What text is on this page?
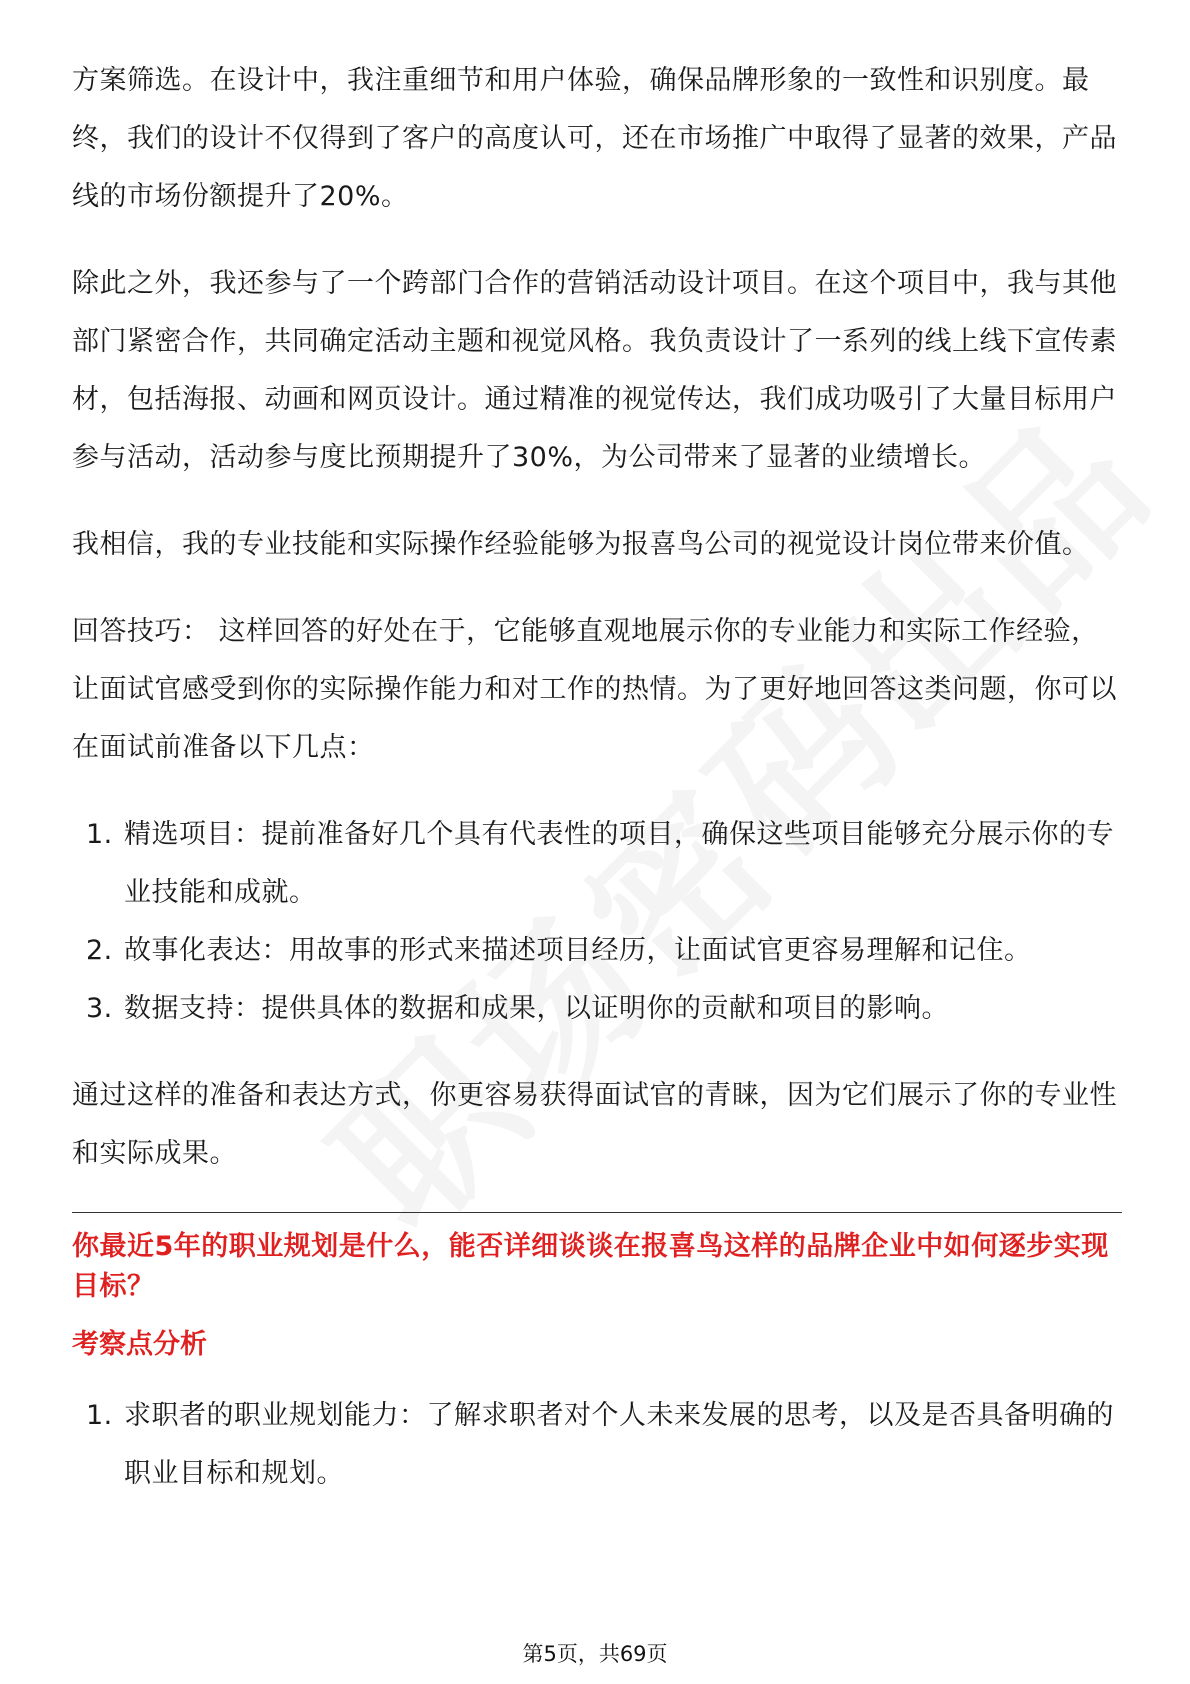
方案筛选。在设计中，我注重细节和用户体验，确保品牌形象的一致性和识别度。最终，我们的设计不仅得到了客户的高度认可，还在市场推广中取得了显著的效果，产品线的市场份额提升了20%。

除此之外，我还参与了一个跨部门合作的营销活动设计项目。在这个项目中，我与其他部门紧密合作，共同确定活动主题和视觉风格。我负责设计了一系列的线上线下宣传素材，包括海报、动画和网页设计。通过精准的视觉传达，我们成功吸引了大量目标用户参与活动，活动参与度比预期提升了30%，为公司带来了显著的业绩增长。

我相信，我的专业技能和实际操作经验能够为报喜鸟公司的视觉设计岗位带来价值。

回答技巧： 这样回答的好处在于，它能够直观地展示你的专业能力和实际工作经验，让面试官感受到你的实际操作能力和对工作的热情。为了更好地回答这类问题，你可以在面试前准备以下几点：

1. 精选项目：提前准备好几个具有代表性的项目，确保这些项目能够充分展示你的专业技能和成就。
2. 故事化表达：用故事的形式来描述项目经历，让面试官更容易理解和记住。
3. 数据支持：提供具体的数据和成果，以证明你的贡献和项目的影响。

通过这样的准备和表达方式，你更容易获得面试官的青睐，因为它们展示了你的专业性和实际成果。

你最近5年的职业规划是什么，能否详细谈谈在报喜鸟这样的品牌企业中如何逐步实现目标？
考察点分析
1. 求职者的职业规划能力：了解求职者对个人未来发展的思考，以及是否具备明确的职业目标和规划。
第5页，共69页
